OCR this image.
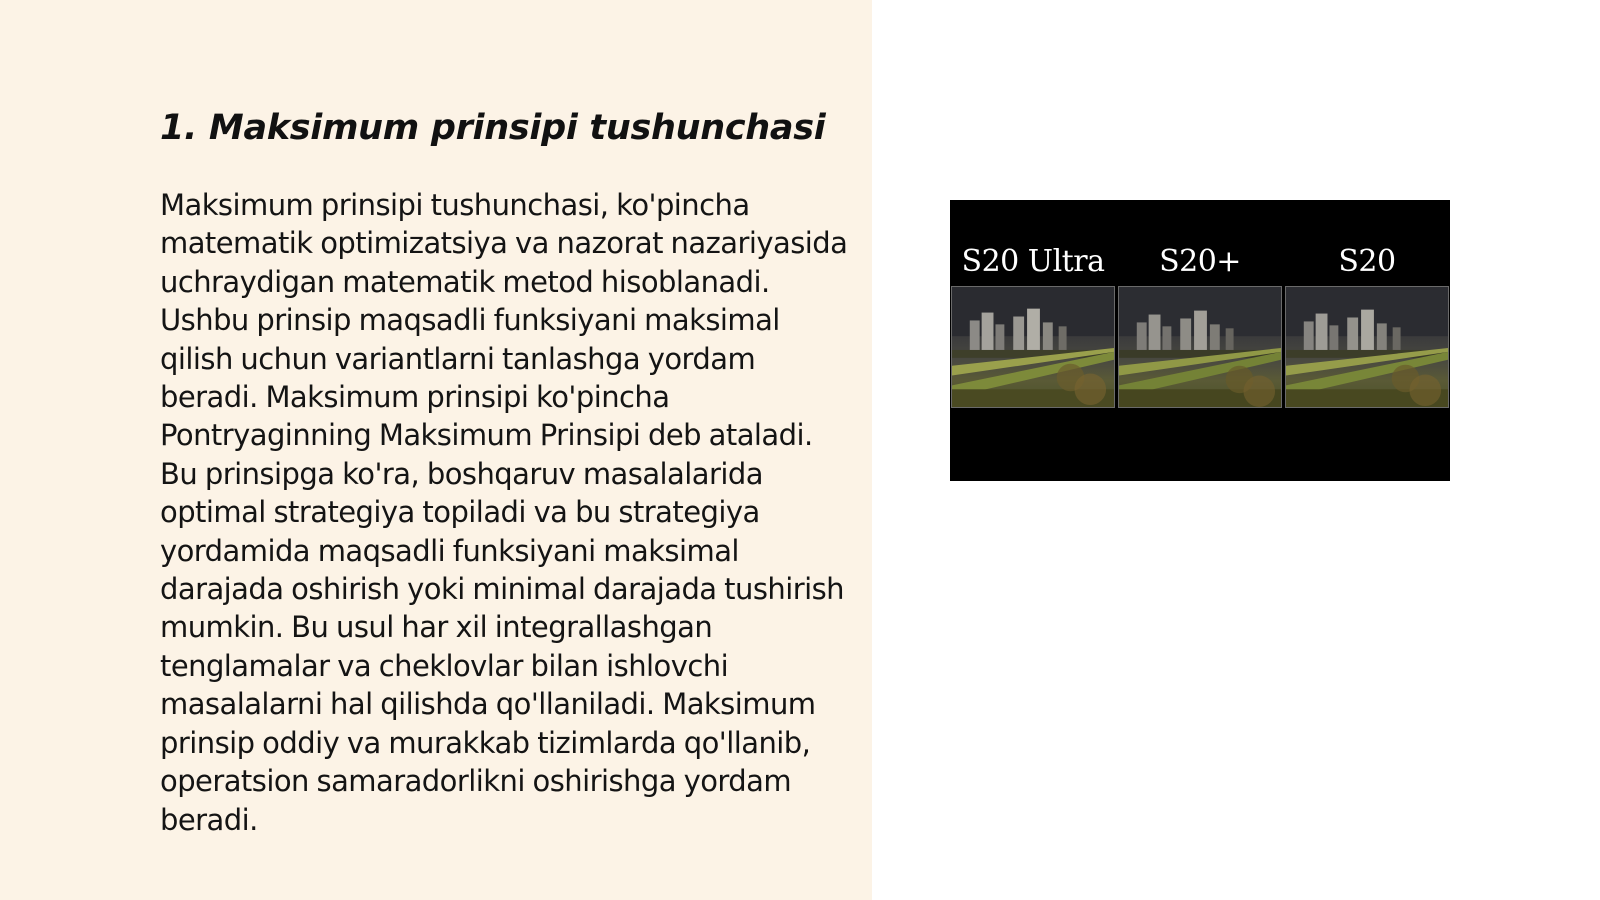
1. Maksimum prinsipi tushunchasi

Maksimum prinsipi tushunchasi, ko'pincha matematik optimizatsiya va nazorat nazariyasida uchraydigan matematik metod hisoblanadi. Ushbu prinsip maqsadli funksiyani maksimal qilish uchun variantlarni tanlashga yordam beradi. Maksimum prinsipi ko'pincha Pontryaginning Maksimum Prinsipi deb ataladi. Bu prinsipga ko'ra, boshqaruv masalalarida optimal strategiya topiladi va bu strategiya yordamida maqsadli funksiyani maksimal darajada oshirish yoki minimal darajada tushirish mumkin. Bu usul har xil integrallashgan tenglamalar va cheklovlar bilan ishlovchi masalalarni hal qilishda qo'llaniladi. Maksimum prinsip oddiy va murakkab tizimlarda qo'llanib, operatsion samaradorlikni oshirishga yordam beradi.

S20 Ultra	S20+	S20
